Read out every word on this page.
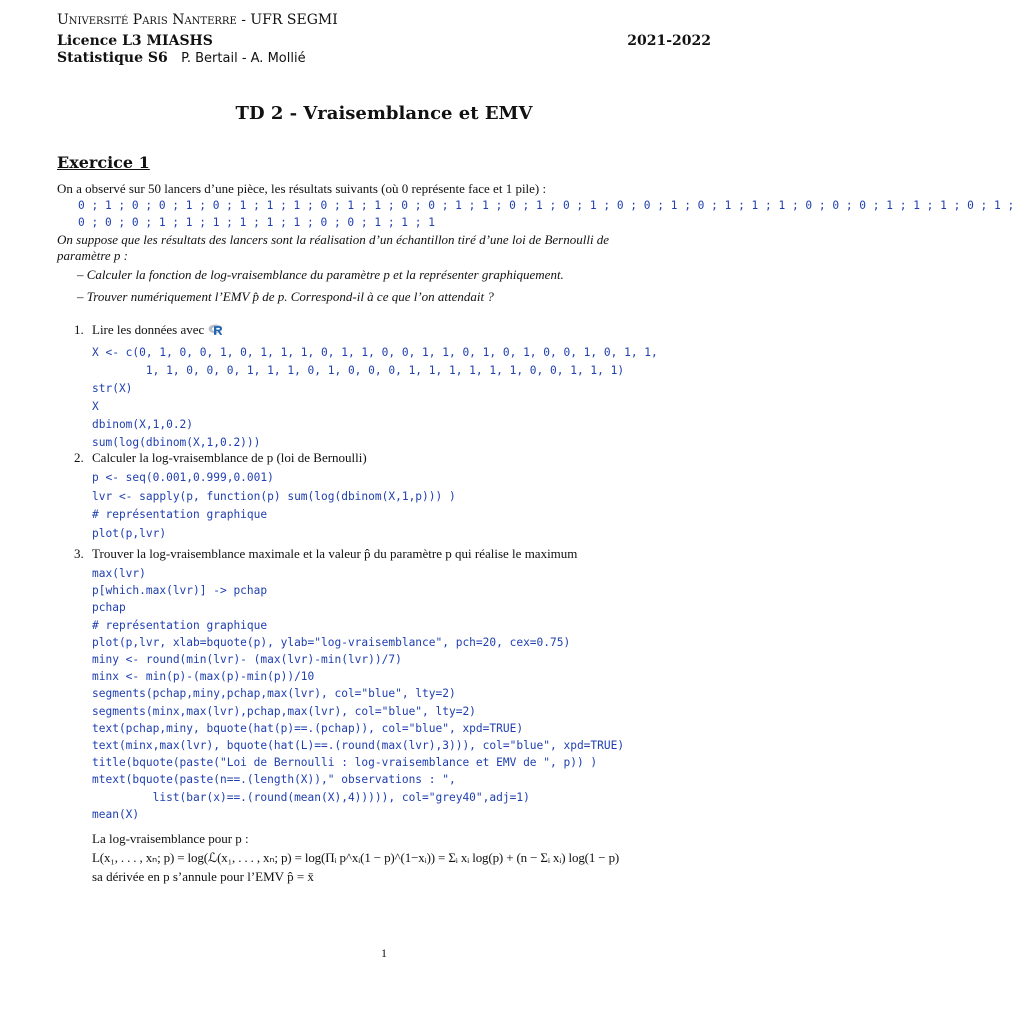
Université Paris Nanterre - UFR SEGMI
Licence L3 MIASHS	2021-2022
Statistique S6 P. Bertail - A. Mollié
TD 2 - Vraisemblance et EMV
Exercice 1
On a observé sur 50 lancers d’une pièce, les résultats suivants (où 0 représente face et 1 pile) :
0 ; 1 ; 0 ; 0 ; 1 ; 0 ; 1 ; 1 ; 1 ; 0 ; 1 ; 1 ; 0 ; 0 ; 1 ; 1 ; 0 ; 1 ; 0 ; 1 ; 0 ; 0 ; 1 ; 0 ; 1 ; 1 ; 1 ; 0 ; 0 ; 0 ; 1 ; 1 ; 1 ; 0 ; 1 ;
0 ; 0 ; 0 ; 1 ; 1 ; 1 ; 1 ; 1 ; 1 ; 0 ; 0 ; 1 ; 1 ; 1
On suppose que les résultats des lancers sont la réalisation d’un échantillon tiré d’une loi de Bernoulli de
paramètre p :
– Calculer la fonction de log-vraisemblance du paramètre p et la représenter graphiquement.
– Trouver numériquement l’EMV p̂ de p. Correspond-il à ce que l’on attendait ?
1. Lire les données avec
X <- c(0, 1, 0, 0, 1, 0, 1, 1, 1, 0, 1, 1, 0, 0, 1, 1, 0, 1, 0, 1, 0, 0, 1, 0, 1, 1,
1, 1, 0, 0, 0, 1, 1, 1, 0, 1, 0, 0, 0, 1, 1, 1, 1, 1, 1, 0, 0, 1, 1, 1)
str(X)
X
dbinom(X,1,0.2)
sum(log(dbinom(X,1,0.2)))
2. Calculer la log-vraisemblance de p (loi de Bernoulli)
p <- seq(0.001,0.999,0.001)
lvr <- sapply(p, function(p) sum(log(dbinom(X,1,p))) )
# représentation graphique
plot(p,lvr)
3. Trouver la log-vraisemblance maximale et la valeur p̂ du paramètre p qui réalise le maximum
max(lvr)
p[which.max(lvr)] -> pchap
pchap
# représentation graphique
plot(p,lvr, xlab=bquote(p), ylab="log-vraisemblance", pch=20, cex=0.75)
miny <- round(min(lvr)- (max(lvr)-min(lvr))/7)
minx <- min(p)-(max(p)-min(p))/10
segments(pchap,miny,pchap,max(lvr), col="blue", lty=2)
segments(minx,max(lvr),pchap,max(lvr), col="blue", lty=2)
text(pchap,miny, bquote(hat(p)==.(pchap)), col="blue", xpd=TRUE)
text(minx,max(lvr), bquote(hat(L)==.(round(max(lvr),3))), col="blue", xpd=TRUE)
title(bquote(paste("Loi de Bernoulli : log-vraisemblance et EMV de ", p)) )
mtext(bquote(paste(n==.(length(X))," observations : ",
list(bar(x)==.(round(mean(X),4))))), col="grey40",adj=1)
mean(X)
La log-vraisemblance pour p :
L(x₁, . . . , xₙ; p) = log(ℒ(x₁, . . . , xₙ; p) = log(Πᵢ p^xᵢ(1 − p)^(1−xᵢ)) = Σᵢ xᵢ log(p) + (n − Σᵢ xᵢ) log(1 − p)
sa dérivée en p s’annule pour l’EMV p̂ = x̄
1
